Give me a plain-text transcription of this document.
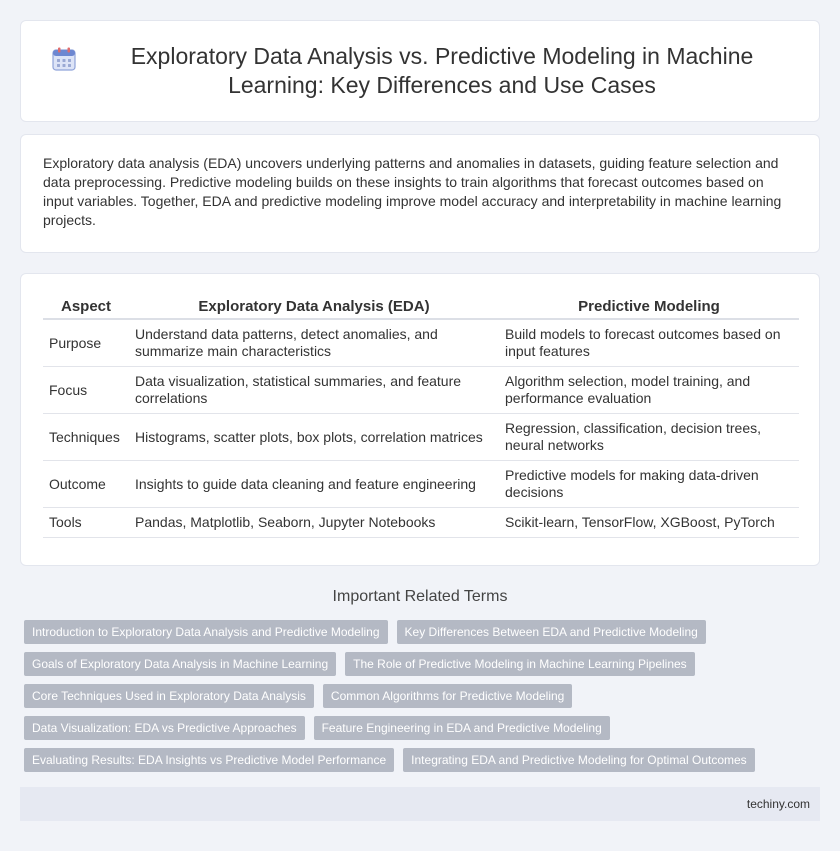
Exploratory Data Analysis vs. Predictive Modeling in Machine Learning: Key Differences and Use Cases

Exploratory data analysis (EDA) uncovers underlying patterns and anomalies in datasets, guiding feature selection and data preprocessing. Predictive modeling builds on these insights to train algorithms that forecast outcomes based on input variables. Together, EDA and predictive modeling improve model accuracy and interpretability in machine learning projects.

Aspect	Exploratory Data Analysis (EDA)	Predictive Modeling
Purpose	Understand data patterns, detect anomalies, and summarize main characteristics	Build models to forecast outcomes based on input features
Focus	Data visualization, statistical summaries, and feature correlations	Algorithm selection, model training, and performance evaluation
Techniques	Histograms, scatter plots, box plots, correlation matrices	Regression, classification, decision trees, neural networks
Outcome	Insights to guide data cleaning and feature engineering	Predictive models for making data-driven decisions
Tools	Pandas, Matplotlib, Seaborn, Jupyter Notebooks	Scikit-learn, TensorFlow, XGBoost, PyTorch
Important Related Terms
Introduction to Exploratory Data Analysis and Predictive Modeling	Key Differences Between EDA and Predictive Modeling
Goals of Exploratory Data Analysis in Machine Learning	The Role of Predictive Modeling in Machine Learning Pipelines
Core Techniques Used in Exploratory Data Analysis	Common Algorithms for Predictive Modeling
Data Visualization: EDA vs Predictive Approaches	Feature Engineering in EDA and Predictive Modeling
Evaluating Results: EDA Insights vs Predictive Model Performance	Integrating EDA and Predictive Modeling for Optimal Outcomes
techiny.com
